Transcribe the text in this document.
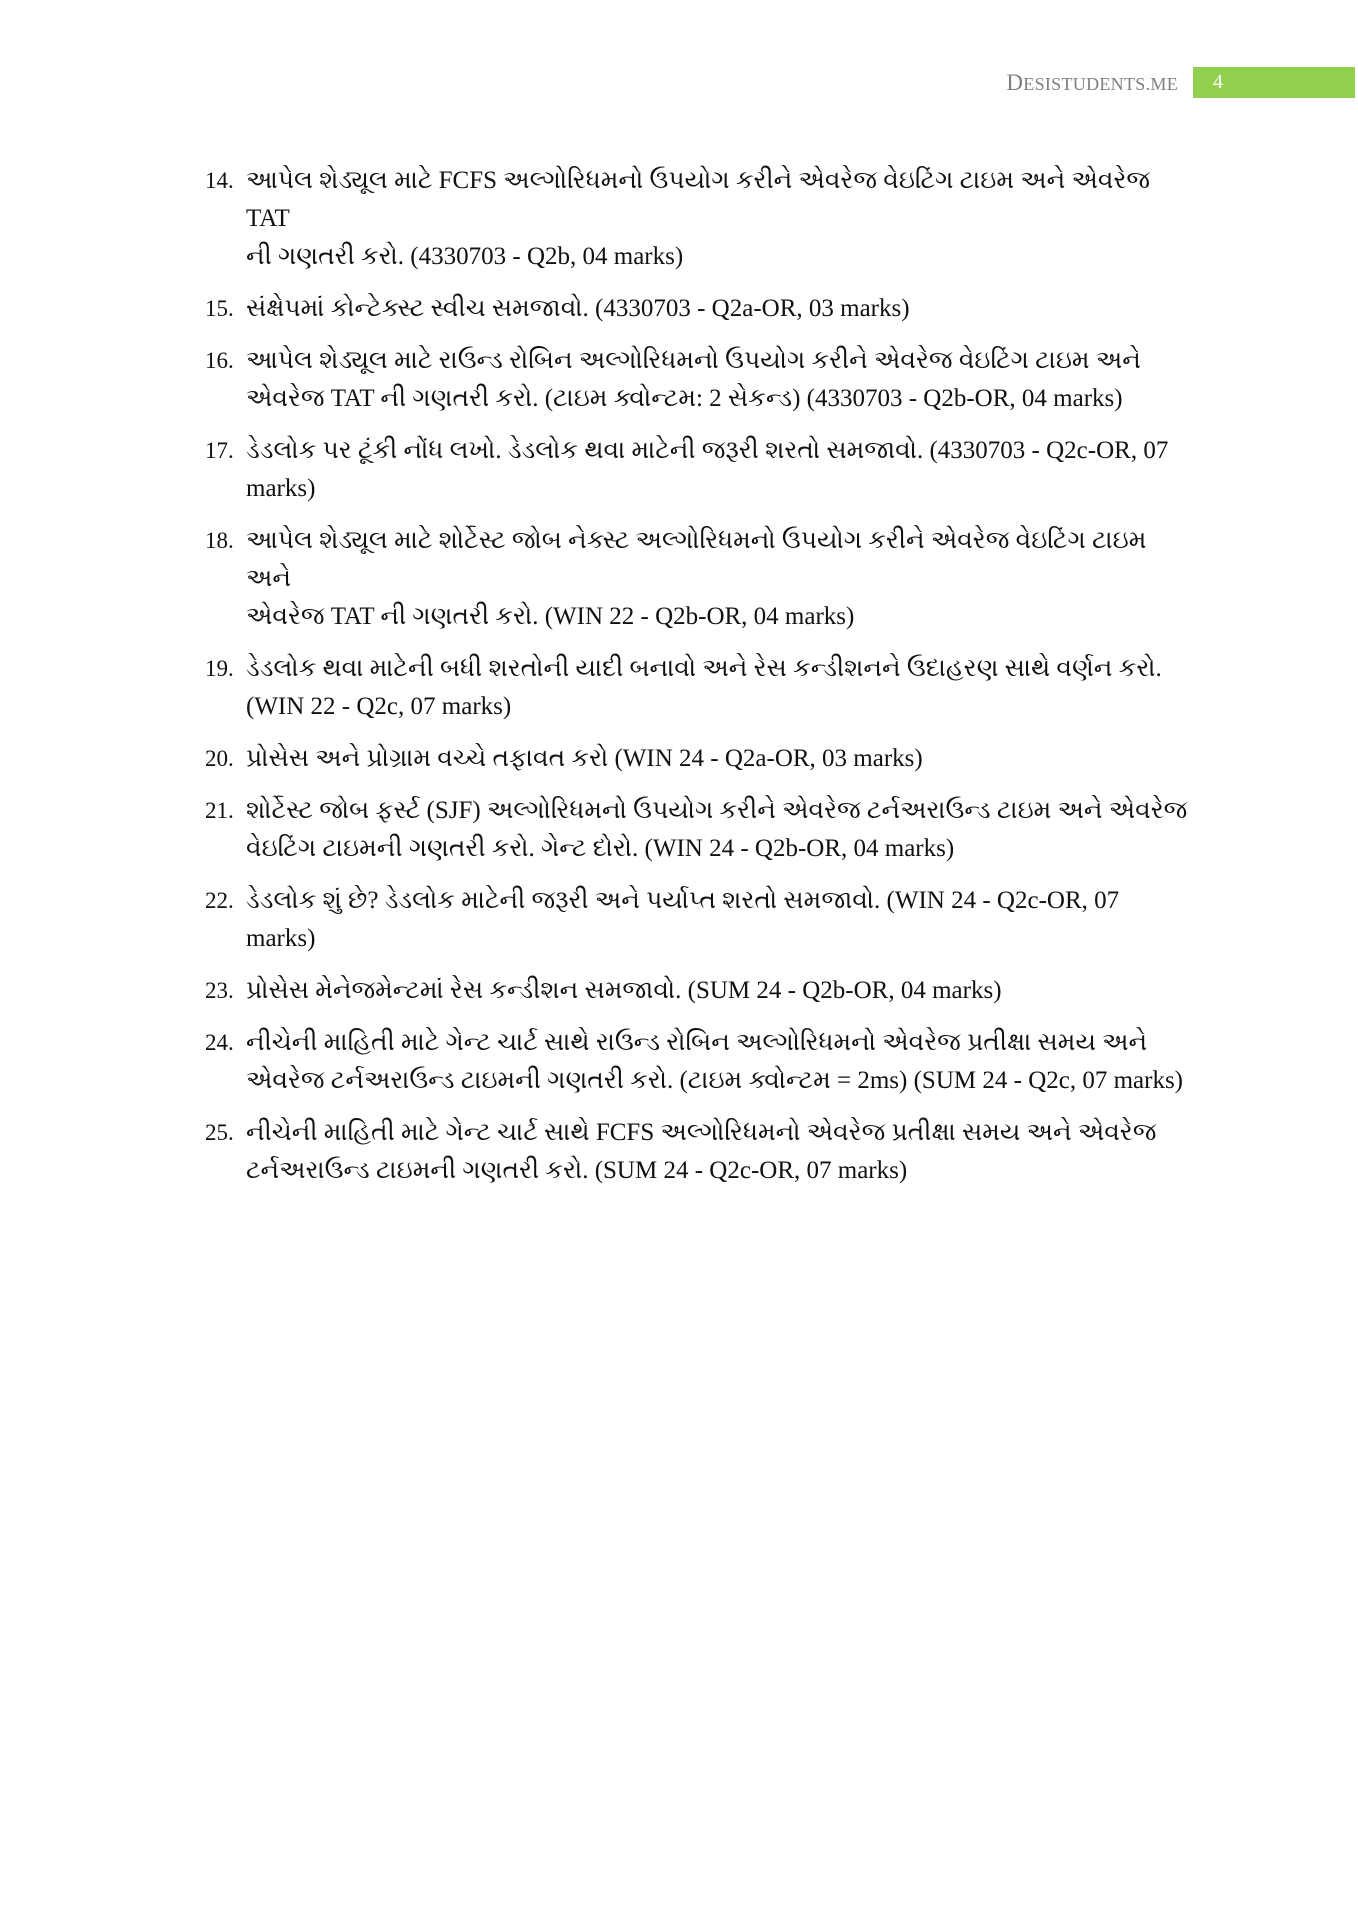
DESISTUDENTS.ME	4
14. આપેલ શેડ્યૂલ માટે FCFS અલ્ગોરિધમનો ઉપયોગ કરીને એવરેજ વેઇટિંગ ટાઇમ અને એવરેજ TAT
ની ગણતરી કરો. (4330703 - Q2b, 04 marks)
15. સંક્ષેપમાં કોન્ટેક્સ્ટ સ્વીચ સમજાવો. (4330703 - Q2a-OR, 03 marks)
16. આપેલ શેડ્યૂલ માટે રાઉન્ડ રોબિન અલ્ગોરિધમનો ઉપયોગ કરીને એવરેજ વેઇટિંગ ટાઇમ અને
એવરેજ TAT ની ગણતરી કરો. (ટાઇમ ક્વોન્ટમ: 2 સેકન્ડ) (4330703 - Q2b-OR, 04 marks)
17. ડેડલોક પર ટૂંકી નોંધ લખો. ડેડલોક થવા માટેની જરૂરી શરતો સમજાવો. (4330703 - Q2c-OR, 07
marks)
18. આપેલ શેડ્યૂલ માટે શોર્ટેસ્ટ જોબ નેક્સ્ટ અલ્ગોરિધમનો ઉપયોગ કરીને એવરેજ વેઇટિંગ ટાઇમ અને
એવરેજ TAT ની ગણતરી કરો. (WIN 22 - Q2b-OR, 04 marks)
19. ડેડલોક થવા માટેની બધી શરતોની યાદી બનાવો અને રેસ કન્ડીશનને ઉદાહરણ સાથે વર્ણન કરો.
(WIN 22 - Q2c, 07 marks)
20. પ્રોસેસ અને પ્રોગ્રામ વચ્ચે તફાવત કરો (WIN 24 - Q2a-OR, 03 marks)
21. શોર્ટેસ્ટ જોબ ફર્સ્ટ (SJF) અલ્ગોરિધમનો ઉપયોગ કરીને એવરેજ ટર્નઅરાઉન્ડ ટાઇમ અને એવરેજ
વેઇટિંગ ટાઇમની ગણતરી કરો. ગેન્ટ દોરો. (WIN 24 - Q2b-OR, 04 marks)
22. ડેડલોક શું છે? ડેડલોક માટેની જરૂરી અને પર્યાપ્ત શરતો સમજાવો. (WIN 24 - Q2c-OR, 07 marks)
23. પ્રોસેસ મેનેજમેન્ટમાં રેસ કન્ડીશન સમજાવો. (SUM 24 - Q2b-OR, 04 marks)
24. નીચેની માહિતી માટે ગેન્ટ ચાર્ટ સાથે રાઉન્ડ રોબિન અલ્ગોરિધમનો એવરેજ પ્રતીક્ષા સમય અને
એવરેજ ટર્નઅરાઉન્ડ ટાઇમની ગણતરી કરો. (ટાઇમ ક્વોન્ટમ = 2ms) (SUM 24 - Q2c, 07 marks)
25. નીચેની માહિતી માટે ગેન્ટ ચાર્ટ સાથે FCFS અલ્ગોરિધમનો એવરેજ પ્રતીક્ષા સમય અને એવરેજ
ટર્નઅરાઉન્ડ ટાઇમની ગણતરી કરો. (SUM 24 - Q2c-OR, 07 marks)
